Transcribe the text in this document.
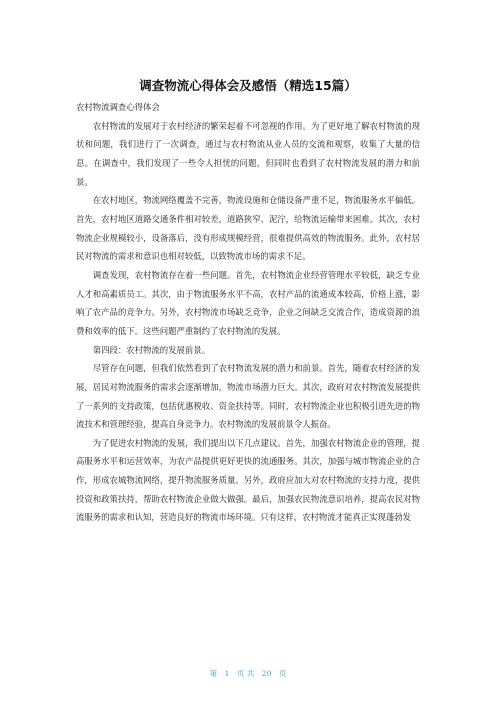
调查物流心得体会及感悟（精选15篇）

农村物流调查心得体会

农村物流的发展对于农村经济的繁荣起着不可忽视的作用。为了更好地了解农村物流的现状和问题，我们进行了一次调查，通过与农村物流从业人员的交流和观察，收集了大量的信息。在调查中，我们发现了一些令人担忧的问题，但同时也看到了农村物流发展的潜力和前景。

在农村地区，物流网络覆盖不完善，物流设施和仓储设备严重不足，物流服务水平偏低。首先，农村地区道路交通条件相对较差，道路狭窄、泥泞，给物流运输带来困难。其次，农村物流企业规模较小，设备落后，没有形成规模经营，很难提供高效的物流服务。此外，农村居民对物流的需求和意识也相对较低，以致物流市场的需求不足。

调查发现，农村物流存在着一些问题。首先，农村物流企业经营管理水平较低，缺乏专业人才和高素质员工。其次，由于物流服务水平不高，农村产品的流通成本较高，价格上涨，影响了农产品的竞争力。另外，农村物流市场缺乏竞争，企业之间缺乏交流合作，造成资源的浪费和效率的低下。这些问题严重制约了农村物流的发展。

第四段：农村物流的发展前景。

尽管存在问题，但我们依然看到了农村物流发展的潜力和前景。首先，随着农村经济的发展，居民对物流服务的需求会逐渐增加，物流市场潜力巨大。其次，政府对农村物流发展提供了一系列的支持政策，包括优惠税收、资金扶持等。同时，农村物流企业也积极引进先进的物流技术和管理经验，提高自身竞争力。农村物流的发展前景令人振奋。

为了促进农村物流的发展，我们提出以下几点建议。首先，加强农村物流企业的管理，提高服务水平和运营效率，为农产品提供更好更快的流通服务。其次，加强与城市物流企业的合作，形成农城物流网络，提升物流服务质量。另外，政府应加大对农村物流的支持力度，提供投资和政策扶持，帮助农村物流企业做大做强。最后，加强农民物流意识培养，提高农民对物流服务的需求和认知，营造良好的物流市场环境。只有这样，农村物流才能真正实现蓬勃发

第　1　页 共　20　页
